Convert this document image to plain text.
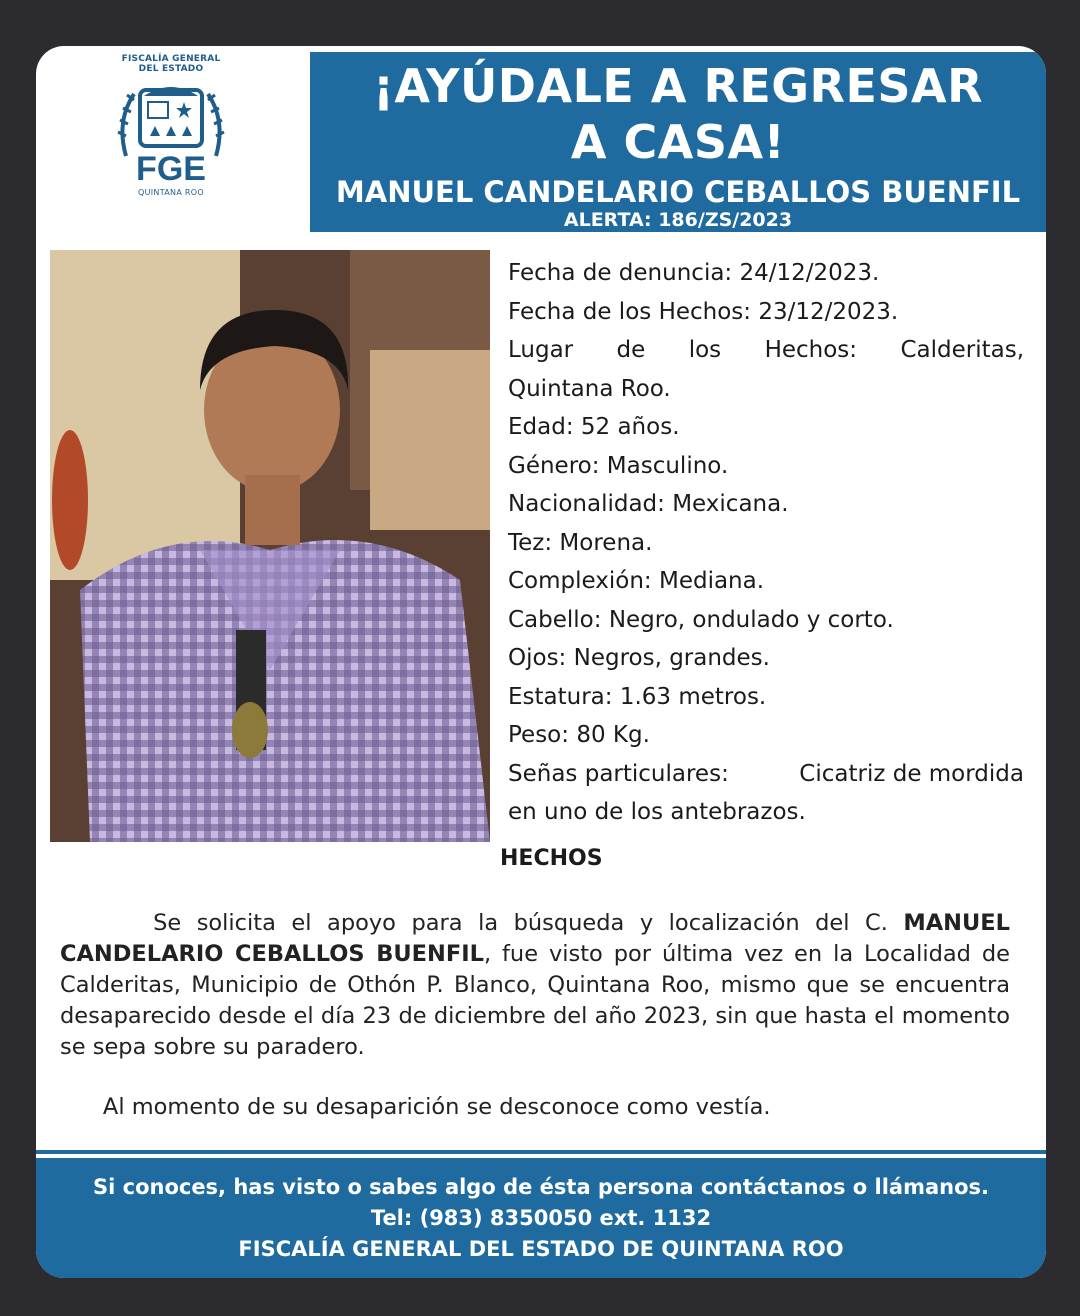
FISCALÍA GENERAL
DEL ESTADO
FGE
QUINTANA ROO
¡AYÚDALE A REGRESAR
A CASA!
MANUEL CANDELARIO CEBALLOS BUENFIL
ALERTA: 186/ZS/2023
Fecha de denuncia: 24/12/2023.
Fecha de los Hechos: 23/12/2023.
Lugar de los Hechos: Calderitas,
Quintana Roo.
Edad: 52 años.
Género: Masculino.
Nacionalidad: Mexicana.
Tez: Morena.
Complexión: Mediana.
Cabello: Negro, ondulado y corto.
Ojos: Negros, grandes.
Estatura: 1.63 metros.
Peso: 80 Kg.
Señas particulares:	Cicatriz de mordida
en uno de los antebrazos.
HECHOS
Se solicita el apoyo para la búsqueda y localización del C. MANUEL CANDELARIO CEBALLOS BUENFIL, fue visto por última vez en la Localidad de Calderitas, Municipio de Othón P. Blanco, Quintana Roo, mismo que se encuentra desaparecido desde el día 23 de diciembre del año 2023, sin que hasta el momento se sepa sobre su paradero.
Al momento de su desaparición se desconoce como vestía.
Si conoces, has visto o sabes algo de ésta persona contáctanos o llámanos.
Tel: (983) 8350050 ext. 1132
FISCALÍA GENERAL DEL ESTADO DE QUINTANA ROO
